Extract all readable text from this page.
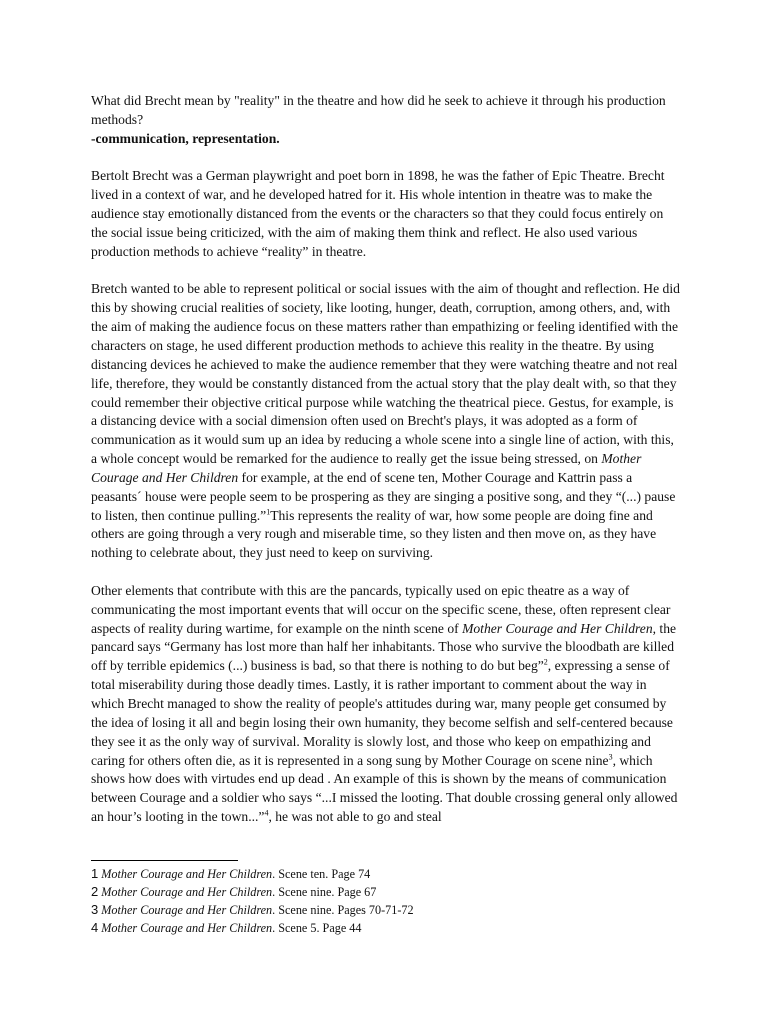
What did Brecht mean by "reality" in the theatre and how did he seek to achieve it through his production methods?

-communication, representation.

Bertolt Brecht was a German playwright and poet born in 1898, he was the father of Epic Theatre. Brecht lived in a context of war, and he developed hatred for it. His whole intention in theatre was to make the audience stay emotionally distanced from the events or the characters so that they could focus entirely on the social issue being criticized, with the aim of making them think and reflect. He also used various production methods to achieve “reality” in theatre.

Bretch wanted to be able to represent political or social issues with the aim of thought and reflection. He did this by showing crucial realities of society, like looting, hunger, death, corruption, among others, and, with the aim of making the audience focus on these matters rather than empathizing or feeling identified with the characters on stage, he used different production methods to achieve this reality in the theatre. By using distancing devices he achieved to make the audience remember that they were watching theatre and not real life, therefore, they would be constantly distanced from the actual story that the play dealt with, so that they could remember their objective critical purpose while watching the theatrical piece. Gestus, for example, is a distancing device with a social dimension often used on Brecht's plays, it was adopted as a form of communication as it would sum up an idea by reducing a whole scene into a single line of action, with this, a whole concept would be remarked for the audience to really get the issue being stressed, on Mother Courage and Her Children for example, at the end of scene ten, Mother Courage and Kattrin pass a peasants´ house were people seem to be prospering as they are singing a positive song, and they “(...) pause to listen, then continue pulling.”$^1$This represents the reality of war, how some people are doing fine and others are going through a very rough and miserable time, so they listen and then move on, as they have nothing to celebrate about, they just need to keep on surviving.

Other elements that contribute with this are the pancards, typically used on epic theatre as a way of communicating the most important events that will occur on the specific scene, these, often represent clear aspects of reality during wartime, for example on the ninth scene of Mother Courage and Her Children, the pancard says “Germany has lost more than half her inhabitants. Those who survive the bloodbath are killed off by terrible epidemics (...) business is bad, so that there is nothing to do but beg”$^2$, expressing a sense of total miserability during those deadly times. Lastly, it is rather important to comment about the way in which Brecht managed to show the reality of people's attitudes during war, many people get consumed by the idea of losing it all and begin losing their own humanity, they become selfish and self-centered because they see it as the only way of survival. Morality is slowly lost, and those who keep on empathizing and caring for others often die, as it is represented in a song sung by Mother Courage on scene nine$^3$, which shows how does with virtudes end up dead . An example of this is shown by the means of communication between Courage and a soldier who says “...I missed the looting. That double crossing general only allowed an hour’s looting in the town...”$^4$, he was not able to go and steal

1 Mother Courage and Her Children. Scene ten. Page 74
2 Mother Courage and Her Children. Scene nine. Page 67
3 Mother Courage and Her Children. Scene nine. Pages 70-71-72
4 Mother Courage and Her Children. Scene 5. Page 44
